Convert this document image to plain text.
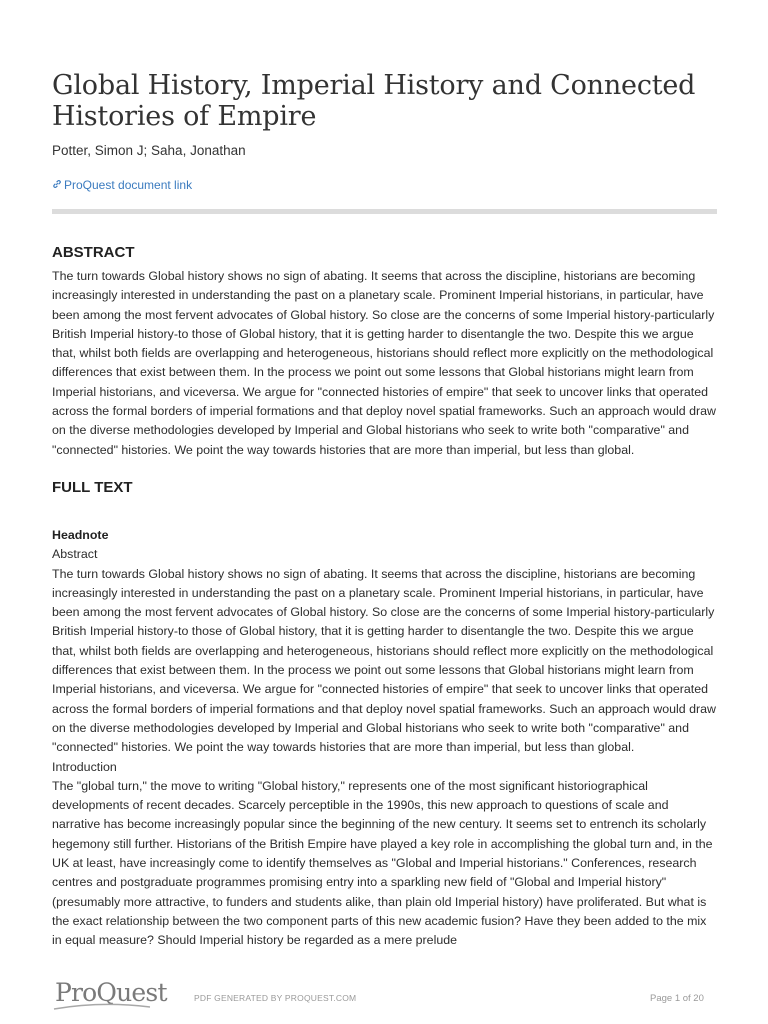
Global History, Imperial History and Connected Histories of Empire
Potter, Simon J; Saha, Jonathan
ProQuest document link
ABSTRACT

The turn towards Global history shows no sign of abating. It seems that across the discipline, historians are becoming increasingly interested in understanding the past on a planetary scale. Prominent Imperial historians, in particular, have been among the most fervent advocates of Global history. So close are the concerns of some Imperial history-particularly British Imperial history-to those of Global history, that it is getting harder to disentangle the two. Despite this we argue that, whilst both fields are overlapping and heterogeneous, historians should reflect more explicitly on the methodological differences that exist between them. In the process we point out some lessons that Global historians might learn from Imperial historians, and viceversa. We argue for "connected histories of empire" that seek to uncover links that operated across the formal borders of imperial formations and that deploy novel spatial frameworks. Such an approach would draw on the diverse methodologies developed by Imperial and Global historians who seek to write both "comparative" and "connected" histories. We point the way towards histories that are more than imperial, but less than global.

FULL TEXT
Headnote
Abstract

The turn towards Global history shows no sign of abating. It seems that across the discipline, historians are becoming increasingly interested in understanding the past on a planetary scale. Prominent Imperial historians, in particular, have been among the most fervent advocates of Global history. So close are the concerns of some Imperial history-particularly British Imperial history-to those of Global history, that it is getting harder to disentangle the two. Despite this we argue that, whilst both fields are overlapping and heterogeneous, historians should reflect more explicitly on the methodological differences that exist between them. In the process we point out some lessons that Global historians might learn from Imperial historians, and viceversa. We argue for "connected histories of empire" that seek to uncover links that operated across the formal borders of imperial formations and that deploy novel spatial frameworks. Such an approach would draw on the diverse methodologies developed by Imperial and Global historians who seek to write both "comparative" and "connected" histories. We point the way towards histories that are more than imperial, but less than global.

Introduction

The "global turn," the move to writing "Global history," represents one of the most significant historiographical developments of recent decades. Scarcely perceptible in the 1990s, this new approach to questions of scale and narrative has become increasingly popular since the beginning of the new century. It seems set to entrench its scholarly hegemony still further. Historians of the British Empire have played a key role in accomplishing the global turn and, in the UK at least, have increasingly come to identify themselves as "Global and Imperial historians." Conferences, research centres and postgraduate programmes promising entry into a sparkling new field of "Global and Imperial history" (presumably more attractive, to funders and students alike, than plain old Imperial history) have proliferated. But what is the exact relationship between the two component parts of this new academic fusion? Have they been added to the mix in equal measure? Should Imperial history be regarded as a mere prelude

ProQuest	PDF GENERATED BY PROQUEST.COM	Page 1 of 20
